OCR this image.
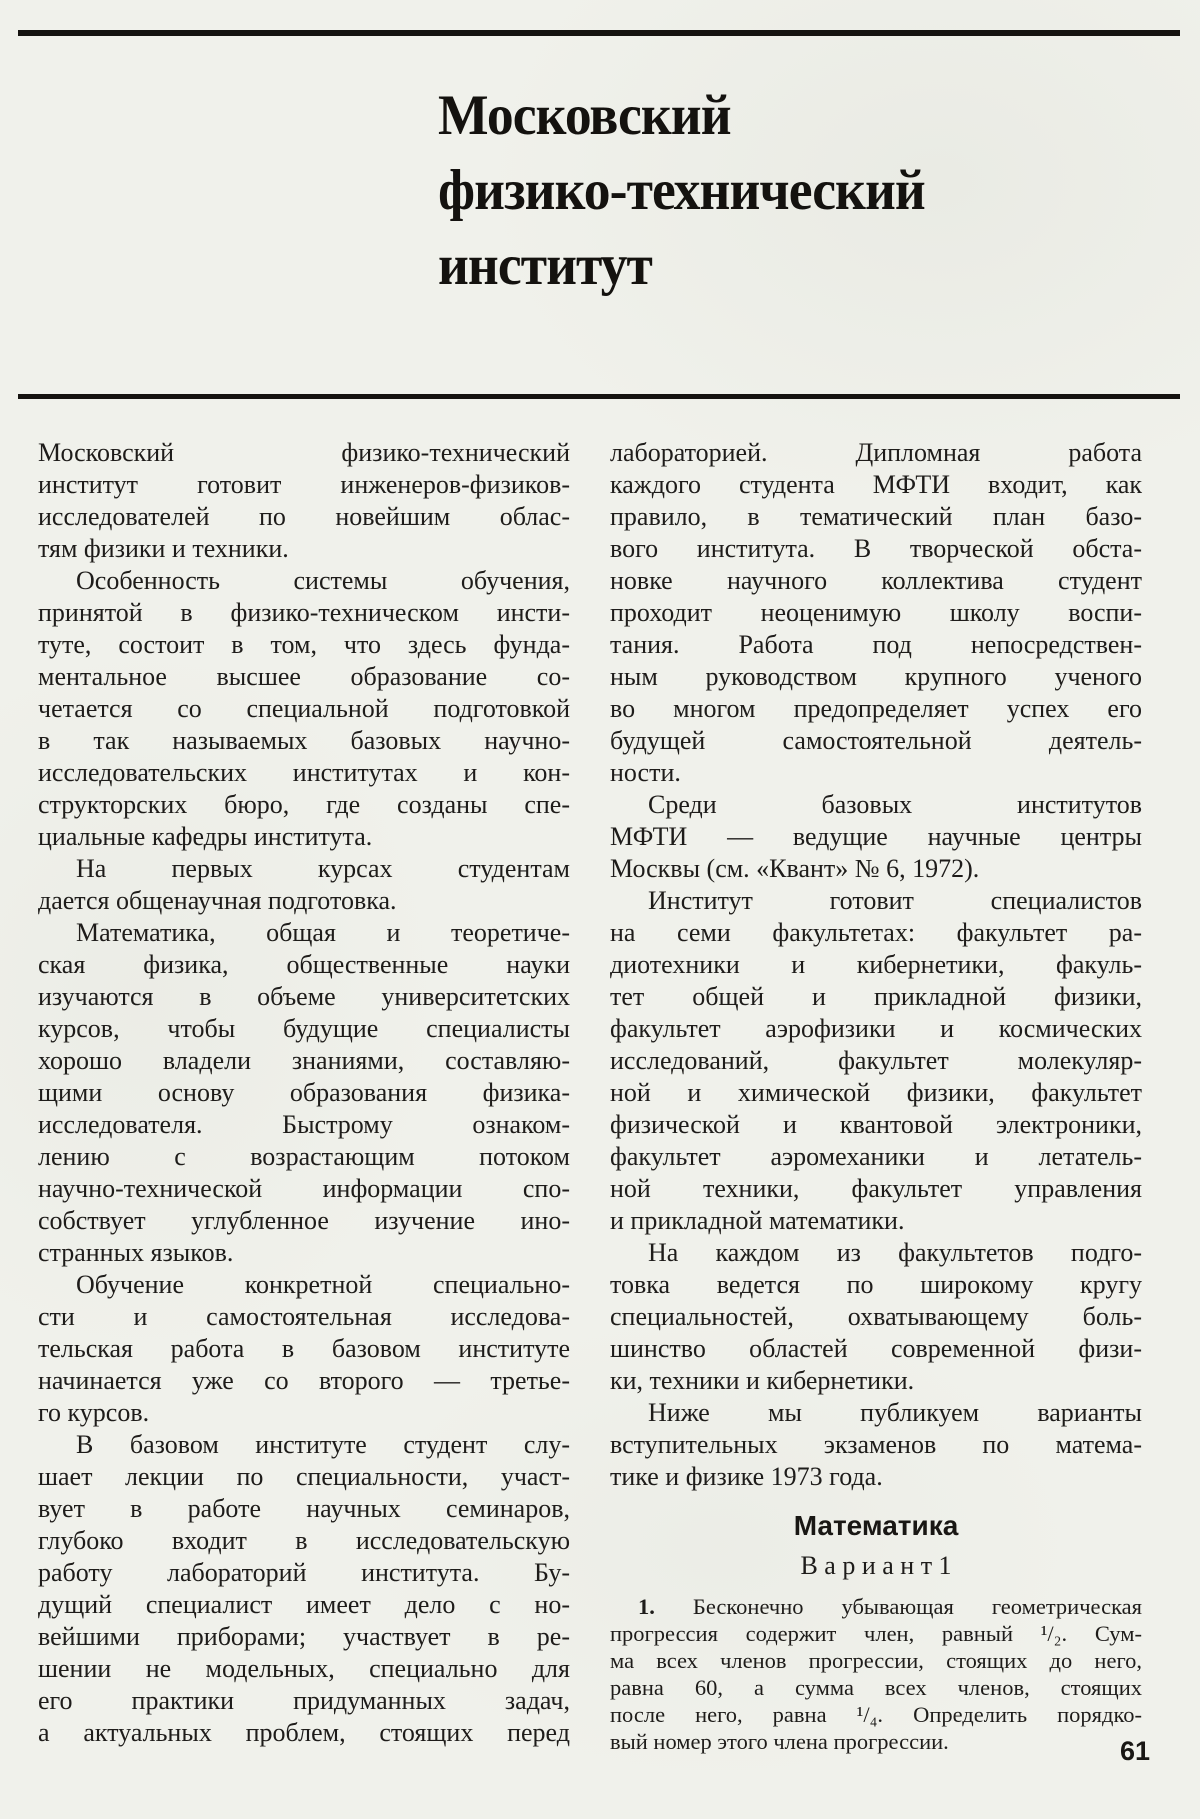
Московский
физико-технический
институт
Московский физико-технический
институт готовит инженеров-физиков-
исследователей по новейшим облас-
тям физики и техники.
Особенность системы обучения,
принятой в физико-техническом инсти-
туте, состоит в том, что здесь фунда-
ментальное высшее образование со-
четается со специальной подготовкой
в так называемых базовых научно-
исследовательских институтах и кон-
структорских бюро, где созданы спе-
циальные кафедры института.
На первых курсах студентам
дается общенаучная подготовка.
Математика, общая и теоретиче-
ская физика, общественные науки
изучаются в объеме университетских
курсов, чтобы будущие специалисты
хорошо владели знаниями, составляю-
щими основу образования физика-
исследователя. Быстрому ознаком-
лению с возрастающим потоком
научно-технической информации спо-
собствует углубленное изучение ино-
странных языков.
Обучение конкретной специально-
сти и самостоятельная исследова-
тельская работа в базовом институте
начинается уже со второго — третье-
го курсов.
В базовом институте студент слу-
шает лекции по специальности, участ-
вует в работе научных семинаров,
глубоко входит в исследовательскую
работу лабораторий института. Бу-
дущий специалист имеет дело с но-
вейшими приборами; участвует в ре-
шении не модельных, специально для
его практики придуманных задач,
а актуальных проблем, стоящих перед
лабораторией. Дипломная работа
каждого студента МФТИ входит, как
правило, в тематический план базо-
вого института. В творческой обста-
новке научного коллектива студент
проходит неоценимую школу воспи-
тания. Работа под непосредствен-
ным руководством крупного ученого
во многом предопределяет успех его
будущей самостоятельной деятель-
ности.
Среди базовых институтов
МФТИ — ведущие научные центры
Москвы (см. «Квант» № 6, 1972).
Институт готовит специалистов
на семи факультетах: факультет ра-
диотехники и кибернетики, факуль-
тет общей и прикладной физики,
факультет аэрофизики и космических
исследований, факультет молекуляр-
ной и химической физики, факультет
физической и квантовой электроники,
факультет аэромеханики и летатель-
ной техники, факультет управления
и прикладной математики.
На каждом из факультетов подго-
товка ведется по широкому кругу
специальностей, охватывающему боль-
шинство областей современной физи-
ки, техники и кибернетики.
Ниже мы публикуем варианты
вступительных экзаменов по матема-
тике и физике 1973 года.
Математика
В а р и а н т 1
1. Бесконечно убывающая геометрическая
прогрессия содержит член, равный ¹/₂. Сум-
ма всех членов прогрессии, стоящих до него,
равна 60, а сумма всех членов, стоящих
после него, равна ¹/₄. Определить порядко-
вый номер этого члена прогрессии.	61
